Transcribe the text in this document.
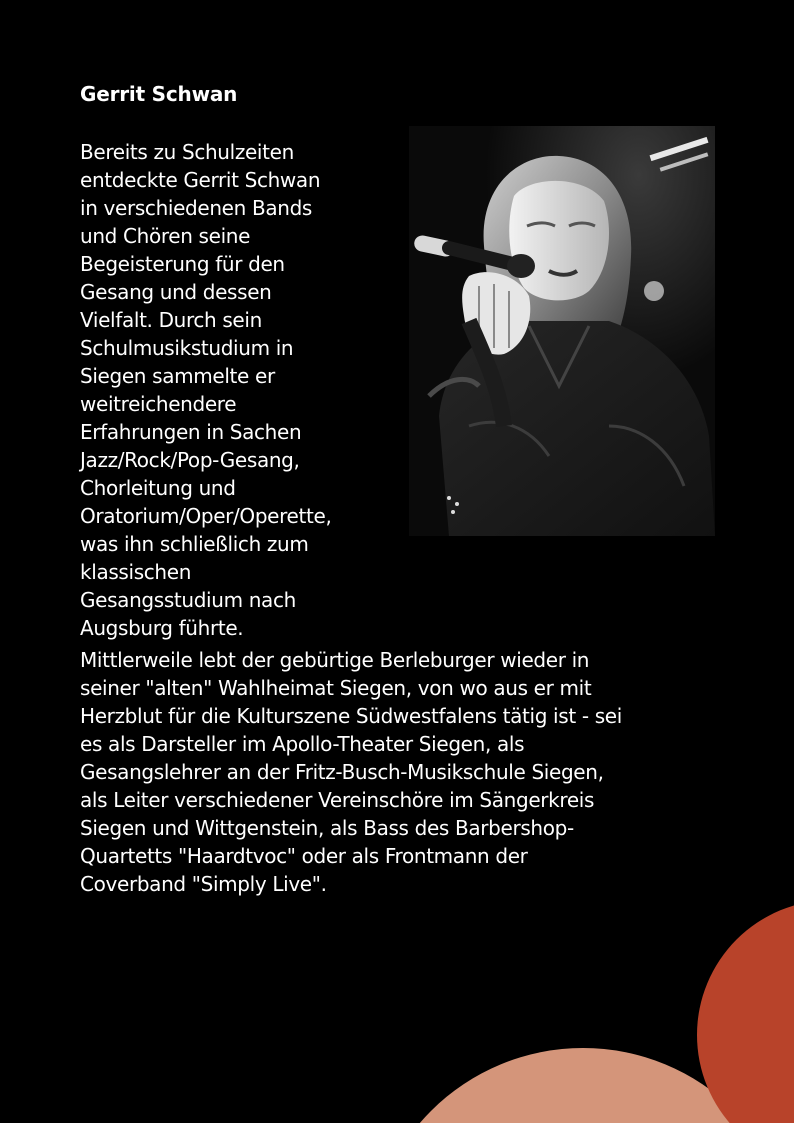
Gerrit Schwan

Bereits zu Schulzeiten
entdeckte Gerrit Schwan
in verschiedenen Bands
und Chören seine
Begeisterung für den
Gesang und dessen
Vielfalt. Durch sein
Schulmusikstudium in
Siegen sammelte er
weitreichendere
Erfahrungen in Sachen
Jazz/Rock/Pop-Gesang,
Chorleitung und
Oratorium/Oper/Operette,
was ihn schließlich zum
klassischen
Gesangsstudium nach
Augsburg führte.

Mittlerweile lebt der gebürtige Berleburger wieder in
seiner "alten" Wahlheimat Siegen, von wo aus er mit
Herzblut für die Kulturszene Südwestfalens tätig ist - sei
es als Darsteller im Apollo-Theater Siegen, als
Gesangslehrer an der Fritz-Busch-Musikschule Siegen,
als Leiter verschiedener Vereinschöre im Sängerkreis
Siegen und Wittgenstein, als Bass des Barbershop-
Quartetts "Haardtvoc" oder als Frontmann der
Coverband "Simply Live".
